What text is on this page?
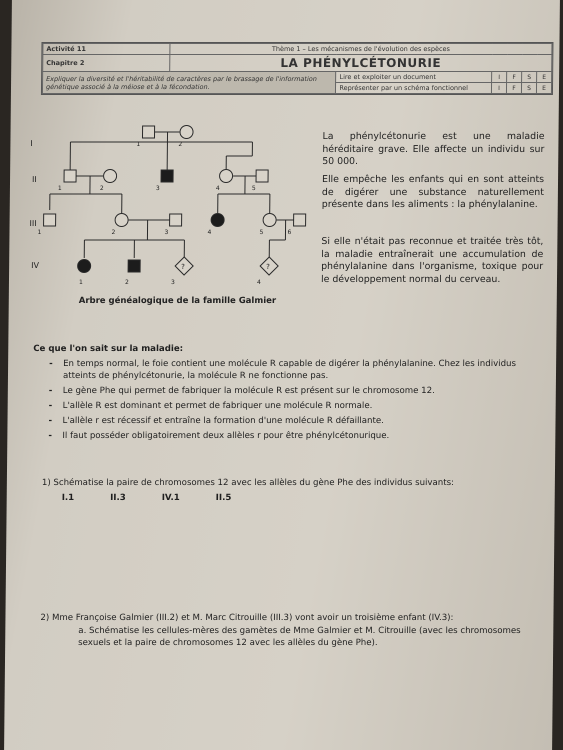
Activité 11	Thème 1 – Les mécanismes de l'évolution des espèces					
Chapitre 2	LA PHÉNYLCÉTONURIE					
Expliquer la diversité et l'héritabilité de caractères par le brassage de l'information génétique associé à la méiose et à la fécondation.		Lire et exploiter un document	I	F	S	E
		Représenter par un schéma fonctionnel	I	F	S	E
I
II
III
IV
1	2
1	2	3	4	5
1	2	3	4	5	6
1	2	3	4
?	?
Arbre généalogique de la famille Galmier
La phénylcétonurie est une maladie héréditaire grave. Elle affecte un individu sur 50 000.
Elle empêche les enfants qui en sont atteints de digérer une substance naturellement présente dans les aliments : la phénylalanine.
Si elle n'était pas reconnue et traitée très tôt, la maladie entraînerait une accumulation de phénylalanine dans l'organisme, toxique pour le développement normal du cerveau.
Ce que l'on sait sur la maladie:
- En temps normal, le foie contient une molécule R capable de digérer la phénylalanine. Chez les individus atteints de phénylcétonurie, la molécule R ne fonctionne pas.
- Le gène Phe qui permet de fabriquer la molécule R est présent sur le chromosome 12.
- L'allèle R est dominant et permet de fabriquer une molécule R normale.
- L'allèle r est récessif et entraîne la formation d'une molécule R défaillante.
- Il faut posséder obligatoirement deux allèles r pour être phénylcétonurique.
1) Schématise la paire de chromosomes 12 avec les allèles du gène Phe des individus suivants:
I.1	II.3	IV.1	II.5
2) Mme Françoise Galmier (III.2) et M. Marc Citrouille (III.3) vont avoir un troisième enfant (IV.3):
a. Schématise les cellules-mères des gamètes de Mme Galmier et M. Citrouille (avec les chromosomes sexuels et la paire de chromosomes 12 avec les allèles du gène Phe).
